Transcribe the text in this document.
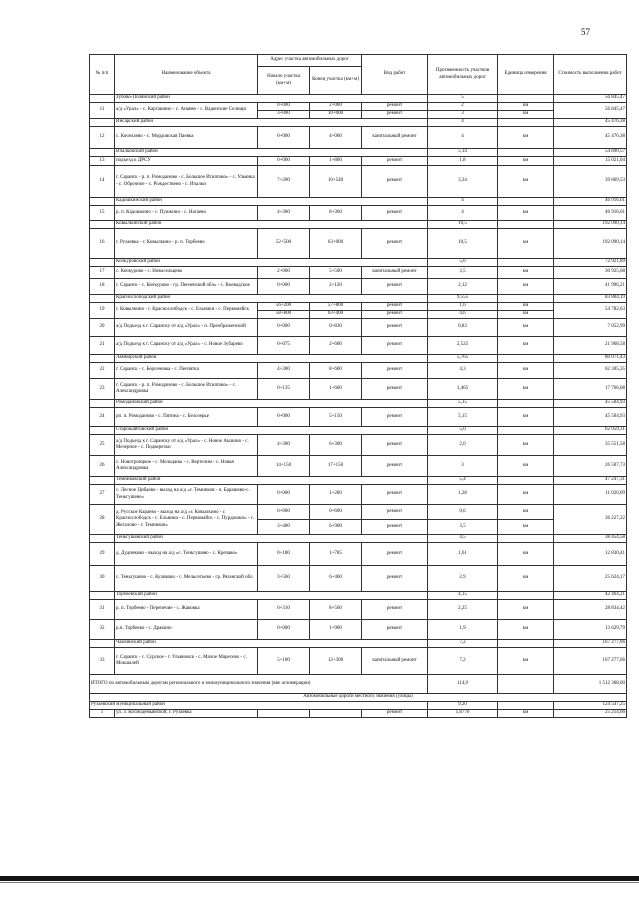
57
№ п/п	Наименование объекта	Адрес участка автомобильных дорог		Вид работ	Протяженность участков автомобильных дорог	Единица измерения	Стоимость выполнения работ
		Начало участка (км+м)	Конец участка (км+м)				
	Зубово-Полянский район				5		56 845,47
11	а/д «Урал» - с. Каргашино - с. Анаево - с. Ваденские Селищи	0+000	2+000	ремонт	2	км	56 845,47
		3+000	10+000	ремонт	3	км	
	Инсарский район				4		45 476,38
12	с. Кочелаево - с. Мордовская Паевка	0+000	4+000	капитальный ремонт	4	км	45 476,38
	Ичалковский район				5,14		54 890,57
13	подъезд к ДРСУ	0+000	1+800	ремонт	1,8	км	15 021,04
14	г. Саранск - р. п. Ромоданово - с. Большое Игнатово» - с. Ульянка - с. Оброчное - с. Рождествено - с. Ичалки	7+200	10+540	ремонт	3,34	км	39 869,53
	Кадошкинский район				4		46 916,61
15	р. п. Кадошкино - с. Пушкино - с. Нагаево	4+360	8+360	ремонт	4	км	46 916,61
	Ковылкинский район				10,5		192 090,14
16	г. Рузаевка - г. Ковылкино - р. п. Торбеево	52+500	63+000	ремонт	10,5	км	192 090,14
	Кочкуровский район				5,6		72 921,89
17	с. Кочкурово - с. Новосельцево	2+000	5+500	капитальный ремонт	3,5	км	30 925,68
18	г. Саранск - с. Кочкурово - гр. Пензенской обл» - с. Воеводское	0+000	2+120	ремонт	2,12	км	41 996,21
	Краснослободский район				9,555		83 804,19
19	г. Ковылкино - г. Краснослободск - с. Ельники - с. Первомайск	56+200	57+800	ремонт	1,6	км	54 782,63
		58+800	63+400	ремонт	4,6	км	
20	а/д Подъезд к г. Саранску от а/д «Урал» - п. Преображенский	0+000	0+830	ремонт	0,83	км	7 052,99
21	а/д Подъезд к г. Саранску от а/д «Урал» - с. Новое Зубарево	0+075	2+600	ремонт	2,525	км	21 968,58
	Лямбирский район				5,765		80 071,43
22	г. Саранск - с. Берсеневка - с. Пензятка	4+300	8+600	ремонт	4,3	км	62 305,35
23	г. Саранск - р. п. Ромоданово - с. Большое Игнатово» - с. Александровка	0+135	1+600	ремонт	1,465	км	17 766,08
	Ромодановский район				5,15		45 504,93
24	рп. п. Ромоданово - с. Пятина - с. Белозерье	0+000	5+150	ремонт	5,15	км	45 504,93
	Старошайговский район				5,0		62 059,31
25	а/д Подъезд к г. Саранску от а/д «Урал» - с. Новое Акшино - с. Мезерное - с. Подверезки	4+300	6+300	ремонт	2,0	км	35 551,58
26	с. Новотроицкое - с. Мельцаны - с. Вертелим - с. Новая Александровка	14+150	17+150	ремонт	3	км	26 507,73
	Темниковский район				5,4		47 247,31
27	с. Лесное Цибаево - выход на а/д «г. Темников - п. Барашево-с. Теньгушево»	0+000	1+280	ремонт	1,28	км	11 020,09
28	д. Русское Караево - выход на а/д «г. Ковылкино - г. Краснослободск - с. Ельники - с. Первомайск - с. Пурдошки» - с. Жегалово - г. Темников»	0+000	0+600	ремонт	0,6	км	36 227,22
		3+400	6+900	ремонт	3,5	км	
	Теньгушевский район				4,5		38 454,58
29	д. Дудинково - выход на а/д «с. Теньгушево - с. Кречаво»	0+180	1+785	ремонт	1,61	км	12 830,41
30	с. Теньгушево - с. Куликово - с. Мельсетьево - гр. Рязанской обл.	3+560	6+460	ремонт	2,9	км	25 624,17
	Торбеевский район				4,15		42 464,21
31	р. п. Торбеево - Перепечие - с. Жаковка	6+310	8+560	ремонт	2,25	км	28 834,42
32	р.п. Торбеево - с. Дракино	0+000	1+900	ремонт	1,9	км	13 629,79
	Чамзинский район				7,2		167 277,66
33	г. Саранск - с. Сурское - г. Ульяновск - с. Малое Маресево - с. Мокшалей	5+100	12+300	капитальный ремонт	7,2	км	167 277,66
ИТОГО по автомобильным дорогам регионального и межмуниципального значения (вне агломерации)					114,9		1 512 308,00
Автомобильные дороги местного значения (улицы)							
Рузаевский муниципальный район					9,20		124 547,25
1	ул. З. Космодемьянской, г. Рузаевка			ремонт	1,8770	км	25 214,66
